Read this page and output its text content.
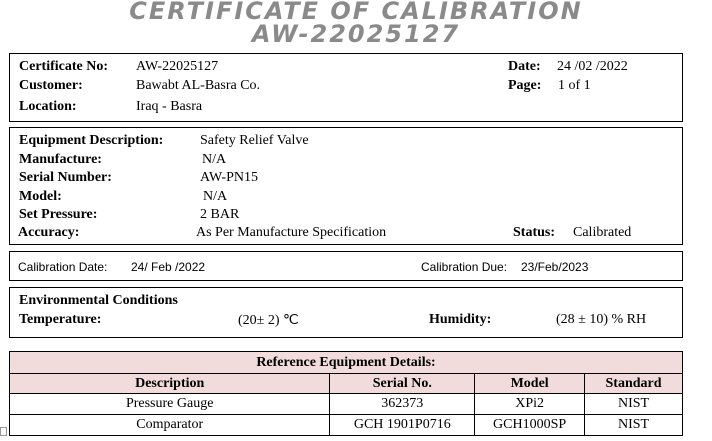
CERTIFICATE OF CALIBRATION
AW-22025127
Certificate No: AW-22025127
Customer:	Bawabt AL-Basra Co.
Location:	Iraq - Basra
Date: 24 /02 /2022
Page: 1 of 1
Equipment Description:	Safety Relief Valve
Manufacture:	N/A
Serial Number:	AW-PN15
Model:	N/A
Set Pressure:	2 BAR
Accuracy:	As Per Manufacture Specification	Status: Calibrated
Calibration Date: 24/ Feb /2022	Calibration Due: 23/Feb/2023
Environmental Conditions
Temperature:	(20± 2) ℃	Humidity:	(28 ± 10) % RH
Reference Equipment Details:			
Description	Serial No.	Model	Standard
Pressure Gauge	362373	XPi2	NIST
Comparator	GCH 1901P0716	GCH1000SP	NIST
